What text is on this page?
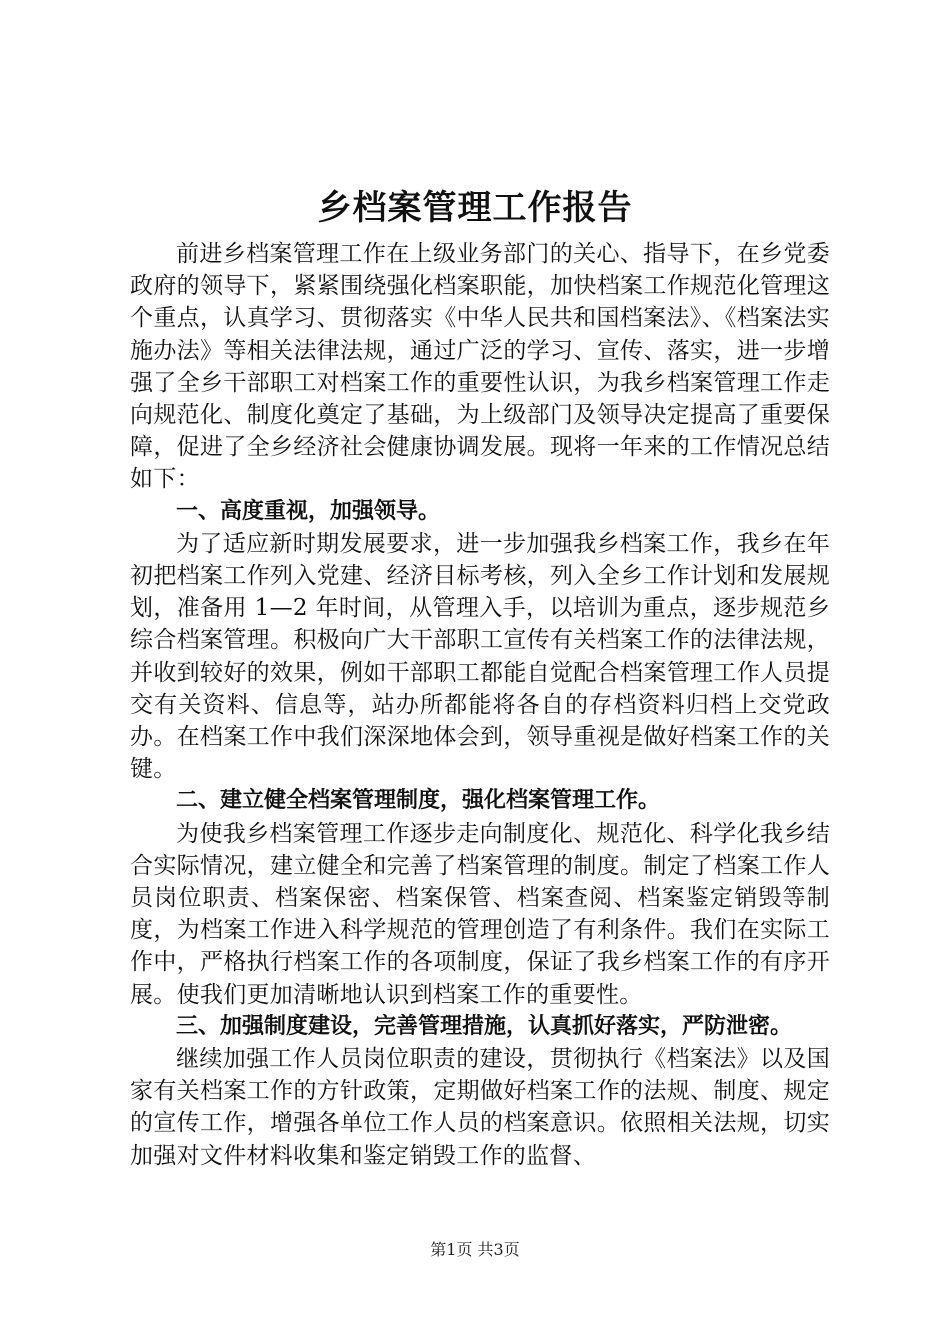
乡档案管理工作报告

前进乡档案管理工作在上级业务部门的关心、指导下，在乡党委政府的领导下，紧紧围绕强化档案职能，加快档案工作规范化管理这个重点，认真学习、贯彻落实《中华人民共和国档案法》、《档案法实施办法》等相关法律法规，通过广泛的学习、宣传、落实，进一步增强了全乡干部职工对档案工作的重要性认识，为我乡档案管理工作走向规范化、制度化奠定了基础，为上级部门及领导决定提高了重要保障，促进了全乡经济社会健康协调发展。现将一年来的工作情况总结如下：

一、高度重视，加强领导。

为了适应新时期发展要求，进一步加强我乡档案工作，我乡在年初把档案工作列入党建、经济目标考核，列入全乡工作计划和发展规划，准备用 1—2 年时间，从管理入手，以培训为重点，逐步规范乡综合档案管理。积极向广大干部职工宣传有关档案工作的法律法规，并收到较好的效果，例如干部职工都能自觉配合档案管理工作人员提交有关资料、信息等，站办所都能将各自的存档资料归档上交党政办。在档案工作中我们深深地体会到，领导重视是做好档案工作的关键。

二、建立健全档案管理制度，强化档案管理工作。

为使我乡档案管理工作逐步走向制度化、规范化、科学化我乡结合实际情况，建立健全和完善了档案管理的制度。制定了档案工作人员岗位职责、档案保密、档案保管、档案查阅、档案鉴定销毁等制度，为档案工作进入科学规范的管理创造了有利条件。我们在实际工作中，严格执行档案工作的各项制度，保证了我乡档案工作的有序开展。使我们更加清晰地认识到档案工作的重要性。

三、加强制度建设，完善管理措施，认真抓好落实，严防泄密。

继续加强工作人员岗位职责的建设，贯彻执行《档案法》以及国家有关档案工作的方针政策，定期做好档案工作的法规、制度、规定的宣传工作，增强各单位工作人员的档案意识。依照相关法规，切实加强对文件材料收集和鉴定销毁工作的监督、

第1页 共3页
